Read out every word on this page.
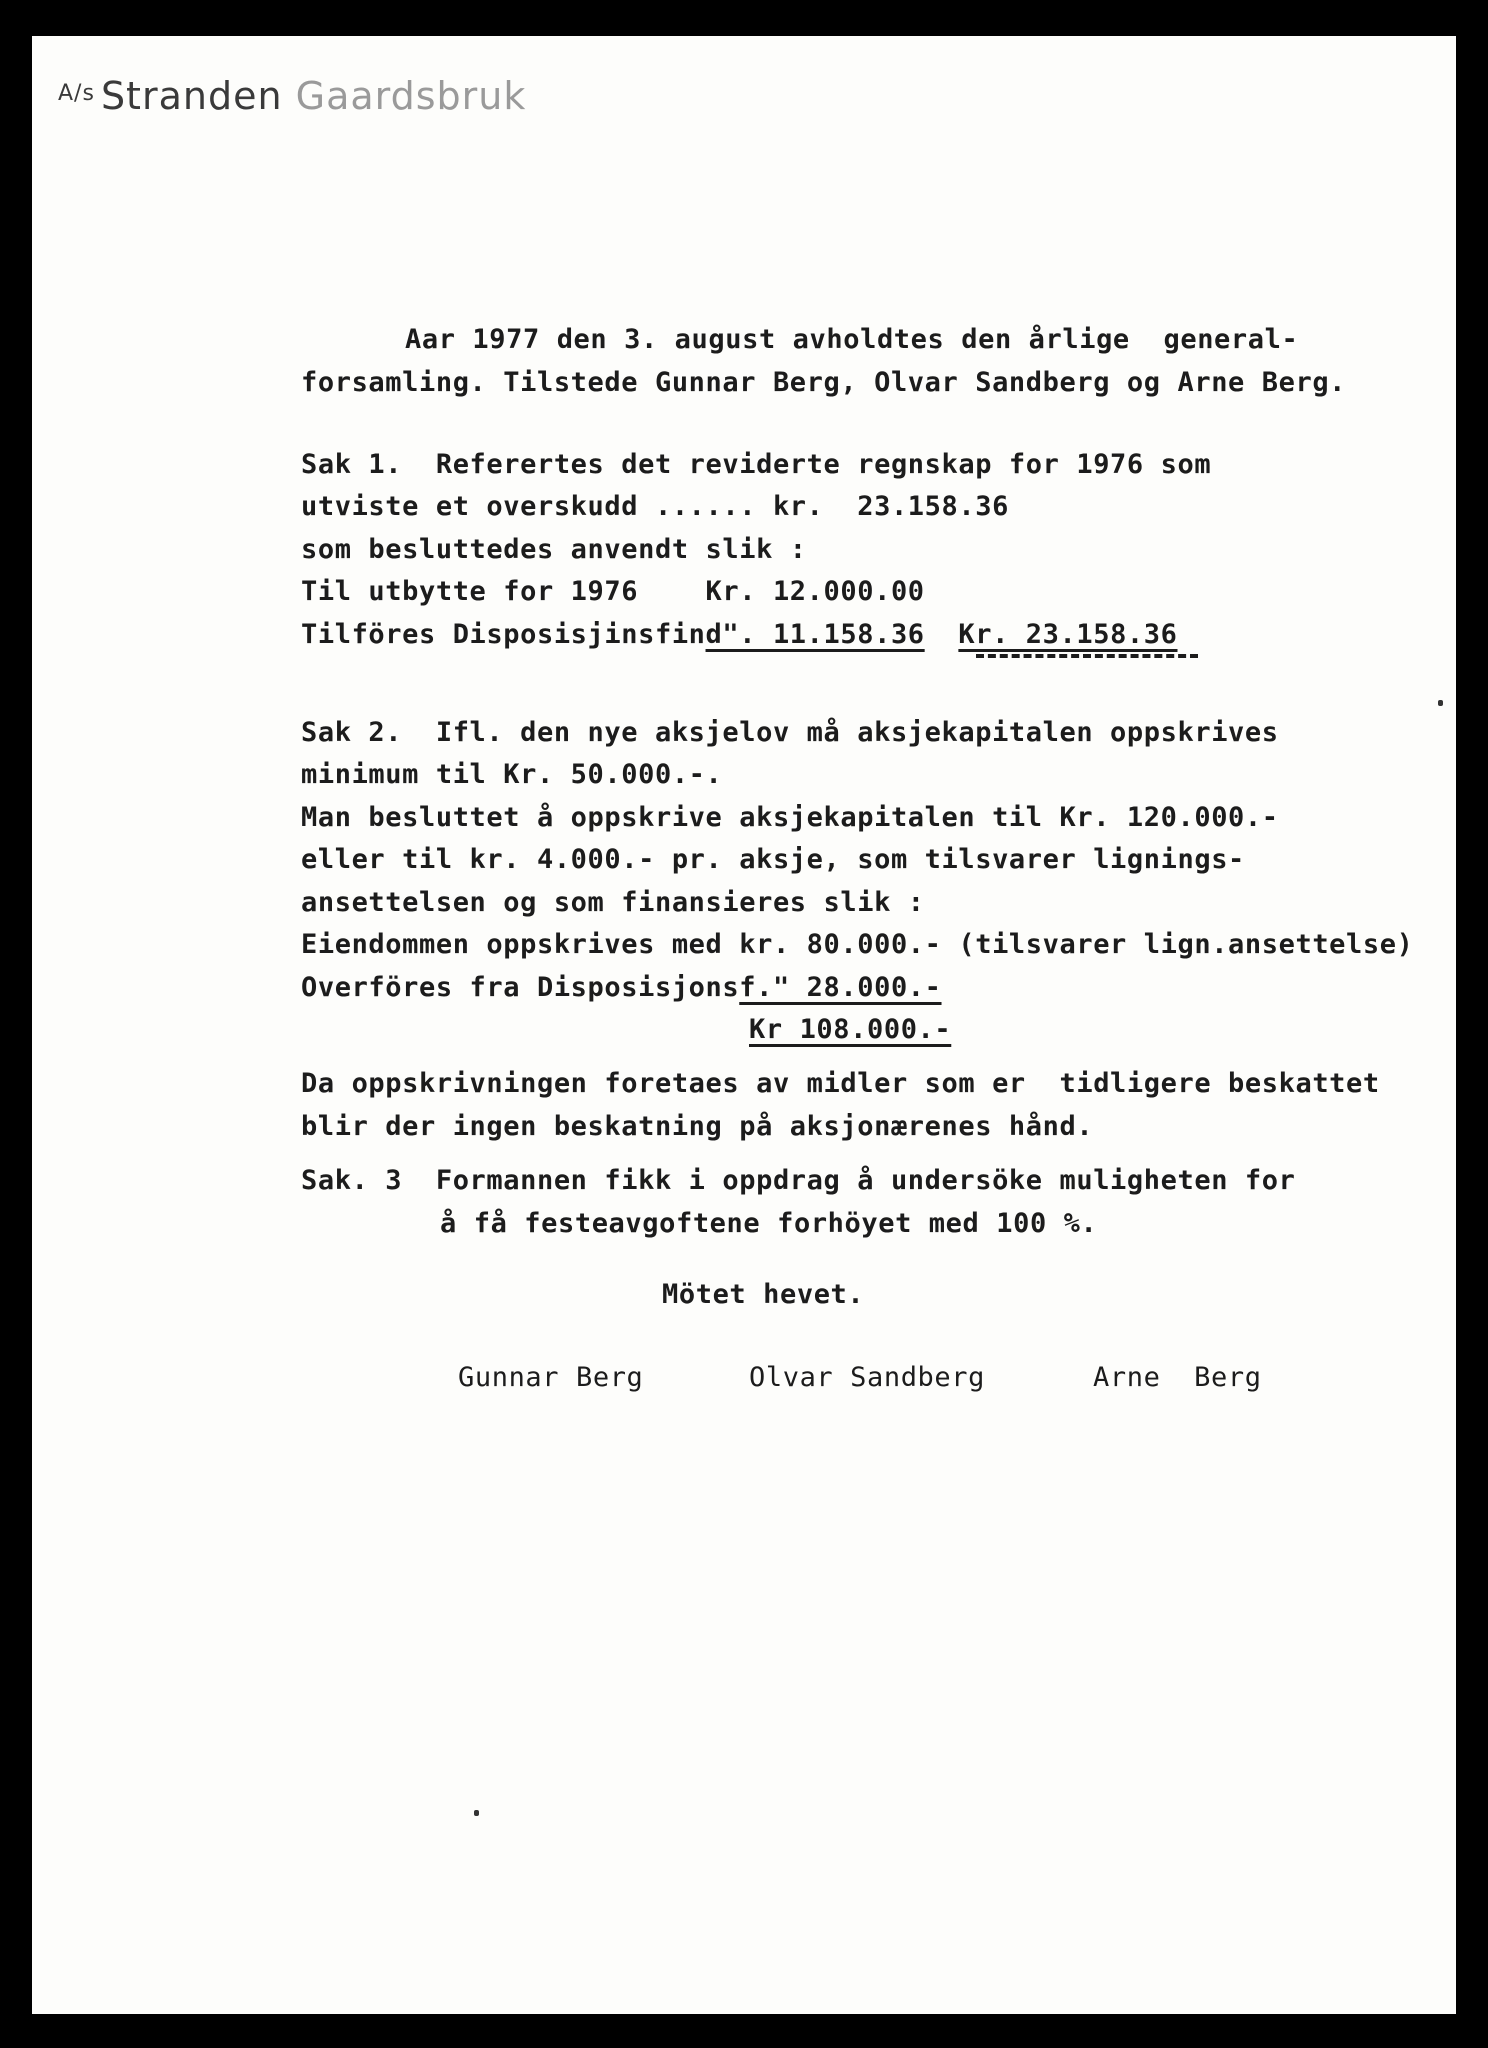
$^{A/s}$ Stranden Gaardsbruk
Aar 1977 den 3. august avholdtes den årlige  general-
forsamling. Tilstede Gunnar Berg, Olvar Sandberg og Arne Berg.
Sak 1.  Referertes det reviderte regnskap for 1976 som
utviste et overskudd ...... kr.  23.158.36
som besluttedes anvendt slik :
Til utbytte for 1976    Kr. 12.000.00
Tilföres Disposisjinsfind". 11.158.36 Kr. 23.158.36
Sak 2.  Ifl. den nye aksjelov må aksjekapitalen oppskrives
minimum til Kr. 50.000.-.
Man besluttet å oppskrive aksjekapitalen til Kr. 120.000.-
eller til kr. 4.000.- pr. aksje, som tilsvarer lignings-
ansettelsen og som finansieres slik :
Eiendommen oppskrives med kr. 80.000.- (tilsvarer lign.ansettelse)
Overföres fra Disposisjonsf." 28.000.-
Kr 108.000.-
Da oppskrivningen foretaes av midler som er  tidligere beskattet
blir der ingen beskatning på aksjonærenes hånd.
Sak. 3  Formannen fikk i oppdrag å undersöke muligheten for
å få festeavgoftene forhöyet med 100 %.
Mötet hevet.
Gunnar Berg	Olvar Sandberg	Arne  Berg
